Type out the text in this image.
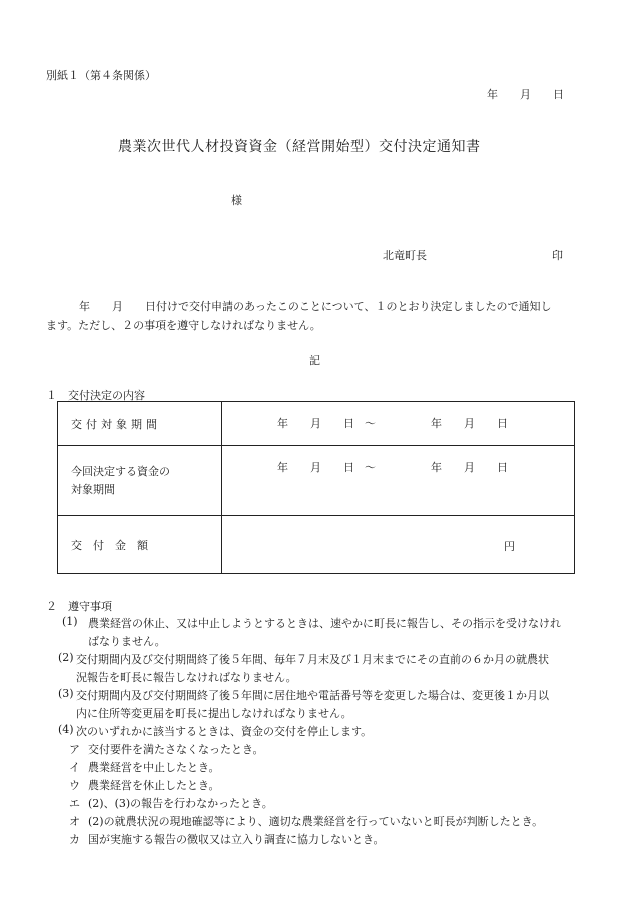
別紙１（第４条関係）
年　　月　　日
農業次世代人材投資資金（経営開始型）交付決定通知書
様
北竜町長	印
　　年　　月　　日付けで交付申請のあったこのことについて、１のとおり決定しましたので通知し
ます。ただし、２の事項を遵守しなければなりません。
記
１　交付決定の内容
交付対象期間	年　　月　　日　～　　　　　年　　月　　日

今回決定する資金の
対象期間	年　　月　　日　～　　　　　年　　月　　日

交　付　金　額	円
２　遵守事項
(1) 農業経営の休止、又は中止しようとするときは、速やかに町長に報告し、その指示を受けなけれ
ばなりません。
(2) 交付期間内及び交付期間終了後５年間、毎年７月末及び１月末までにその直前の６か月の就農状
況報告を町長に報告しなければなりません。
(3) 交付期間内及び交付期間終了後５年間に居住地や電話番号等を変更した場合は、変更後１か月以
内に住所等変更届を町長に提出しなければなりません。
(4) 次のいずれかに該当するときは、資金の交付を停止します。
ア 交付要件を満たさなくなったとき。
イ 農業経営を中止したとき。
ウ 農業経営を休止したとき。
エ (2)、(3)の報告を行わなかったとき。
オ (2)の就農状況の現地確認等により、適切な農業経営を行っていないと町長が判断したとき。
カ 国が実施する報告の徴収又は立入り調査に協力しないとき。
